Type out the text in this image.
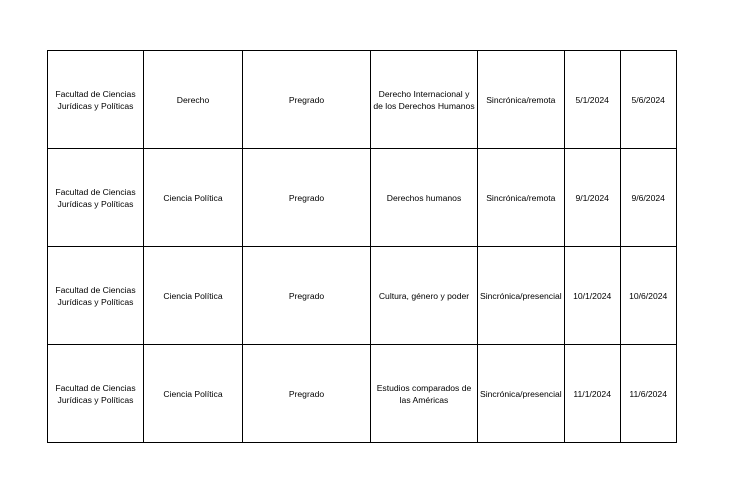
Facultad de Ciencias Jurídicas y Políticas	Derecho	Pregrado	Derecho Internacional y de los Derechos Humanos	Sincrónica/remota	5/1/2024	5/6/2024
Facultad de Ciencias Jurídicas y Políticas	Ciencia Política	Pregrado	Derechos humanos	Sincrónica/remota	9/1/2024	9/6/2024
Facultad de Ciencias Jurídicas y Políticas	Ciencia Política	Pregrado	Cultura, género y poder	Sincrónica/presencial	10/1/2024	10/6/2024
Facultad de Ciencias Jurídicas y Políticas	Ciencia Política	Pregrado	Estudios comparados de las Américas	Sincrónica/presencial	11/1/2024	11/6/2024
